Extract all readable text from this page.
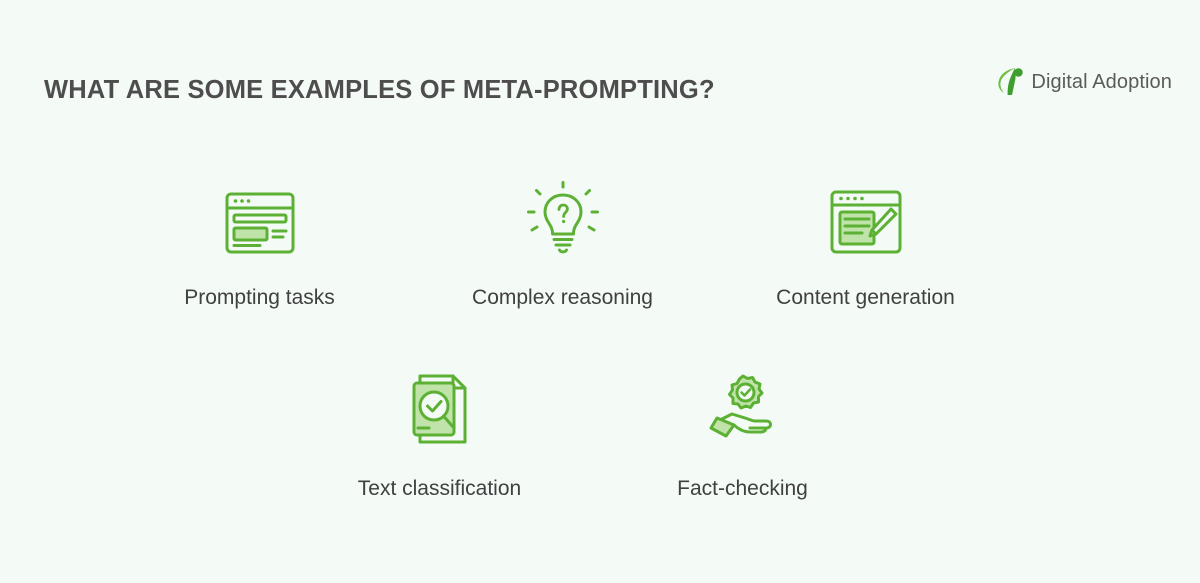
WHAT ARE SOME EXAMPLES OF META-PROMPTING?	Digital Adoption
Prompting tasks	Complex reasoning	Content generation
Text classification	Fact-checking
